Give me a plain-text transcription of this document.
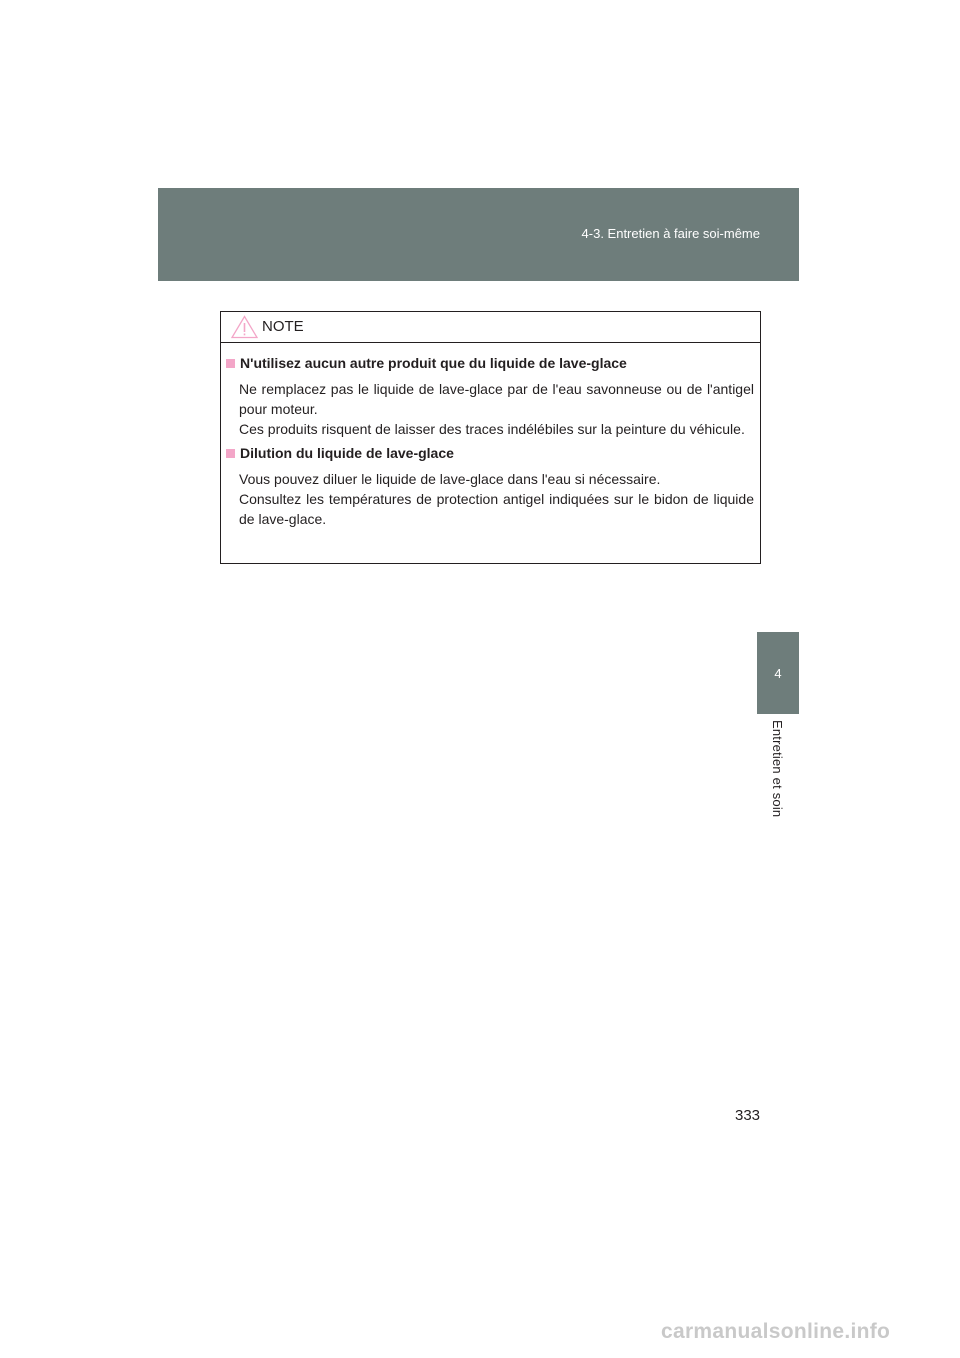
4-3. Entretien à faire soi-même
4
Entretien et soin
NOTE
N'utilisez aucun autre produit que du liquide de lave-glace

Ne remplacez pas le liquide de lave-glace par de l'eau savonneuse ou de l'antigel pour moteur.

Ces produits risquent de laisser des traces indélébiles sur la peinture du véhicule.

Dilution du liquide de lave-glace

Vous pouvez diluer le liquide de lave-glace dans l'eau si nécessaire.

Consultez les températures de protection antigel indiquées sur le bidon de liquide de lave-glace.

333
carmanualsonline.info
